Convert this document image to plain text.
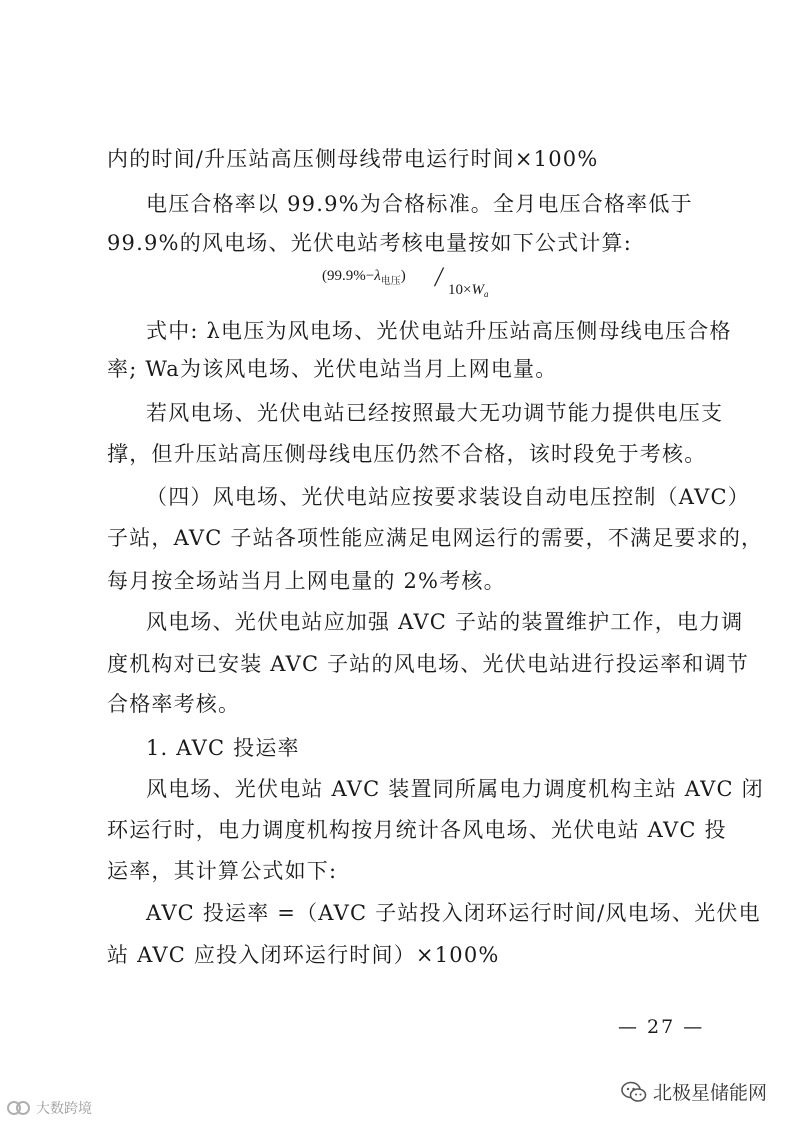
内的时间/升压站高压侧母线带电运行时间×100%
电压合格率以 99.9%为合格标准。全月电压合格率低于
99.9%的风电场、光伏电站考核电量按如下公式计算:
$(99.9\%-\lambda_{电压}) / 10\times W_a$
式中: λ电压为风电场、光伏电站升压站高压侧母线电压合格
率; Wa为该风电场、光伏电站当月上网电量。
若风电场、光伏电站已经按照最大无功调节能力提供电压支
撑，但升压站高压侧母线电压仍然不合格，该时段免于考核。
（四）风电场、光伏电站应按要求装设自动电压控制（AVC）
子站，AVC 子站各项性能应满足电网运行的需要，不满足要求的，
每月按全场站当月上网电量的 2%考核。
风电场、光伏电站应加强 AVC 子站的装置维护工作，电力调
度机构对已安装 AVC 子站的风电场、光伏电站进行投运率和调节
合格率考核。
1. AVC 投运率
风电场、光伏电站 AVC 装置同所属电力调度机构主站 AVC 闭
环运行时，电力调度机构按月统计各风电场、光伏电站 AVC 投
运率，其计算公式如下:
AVC 投运率 =（AVC 子站投入闭环运行时间/风电场、光伏电
站 AVC 应投入闭环运行时间）×100%
— 27 —
北极星储能网
大数跨境
